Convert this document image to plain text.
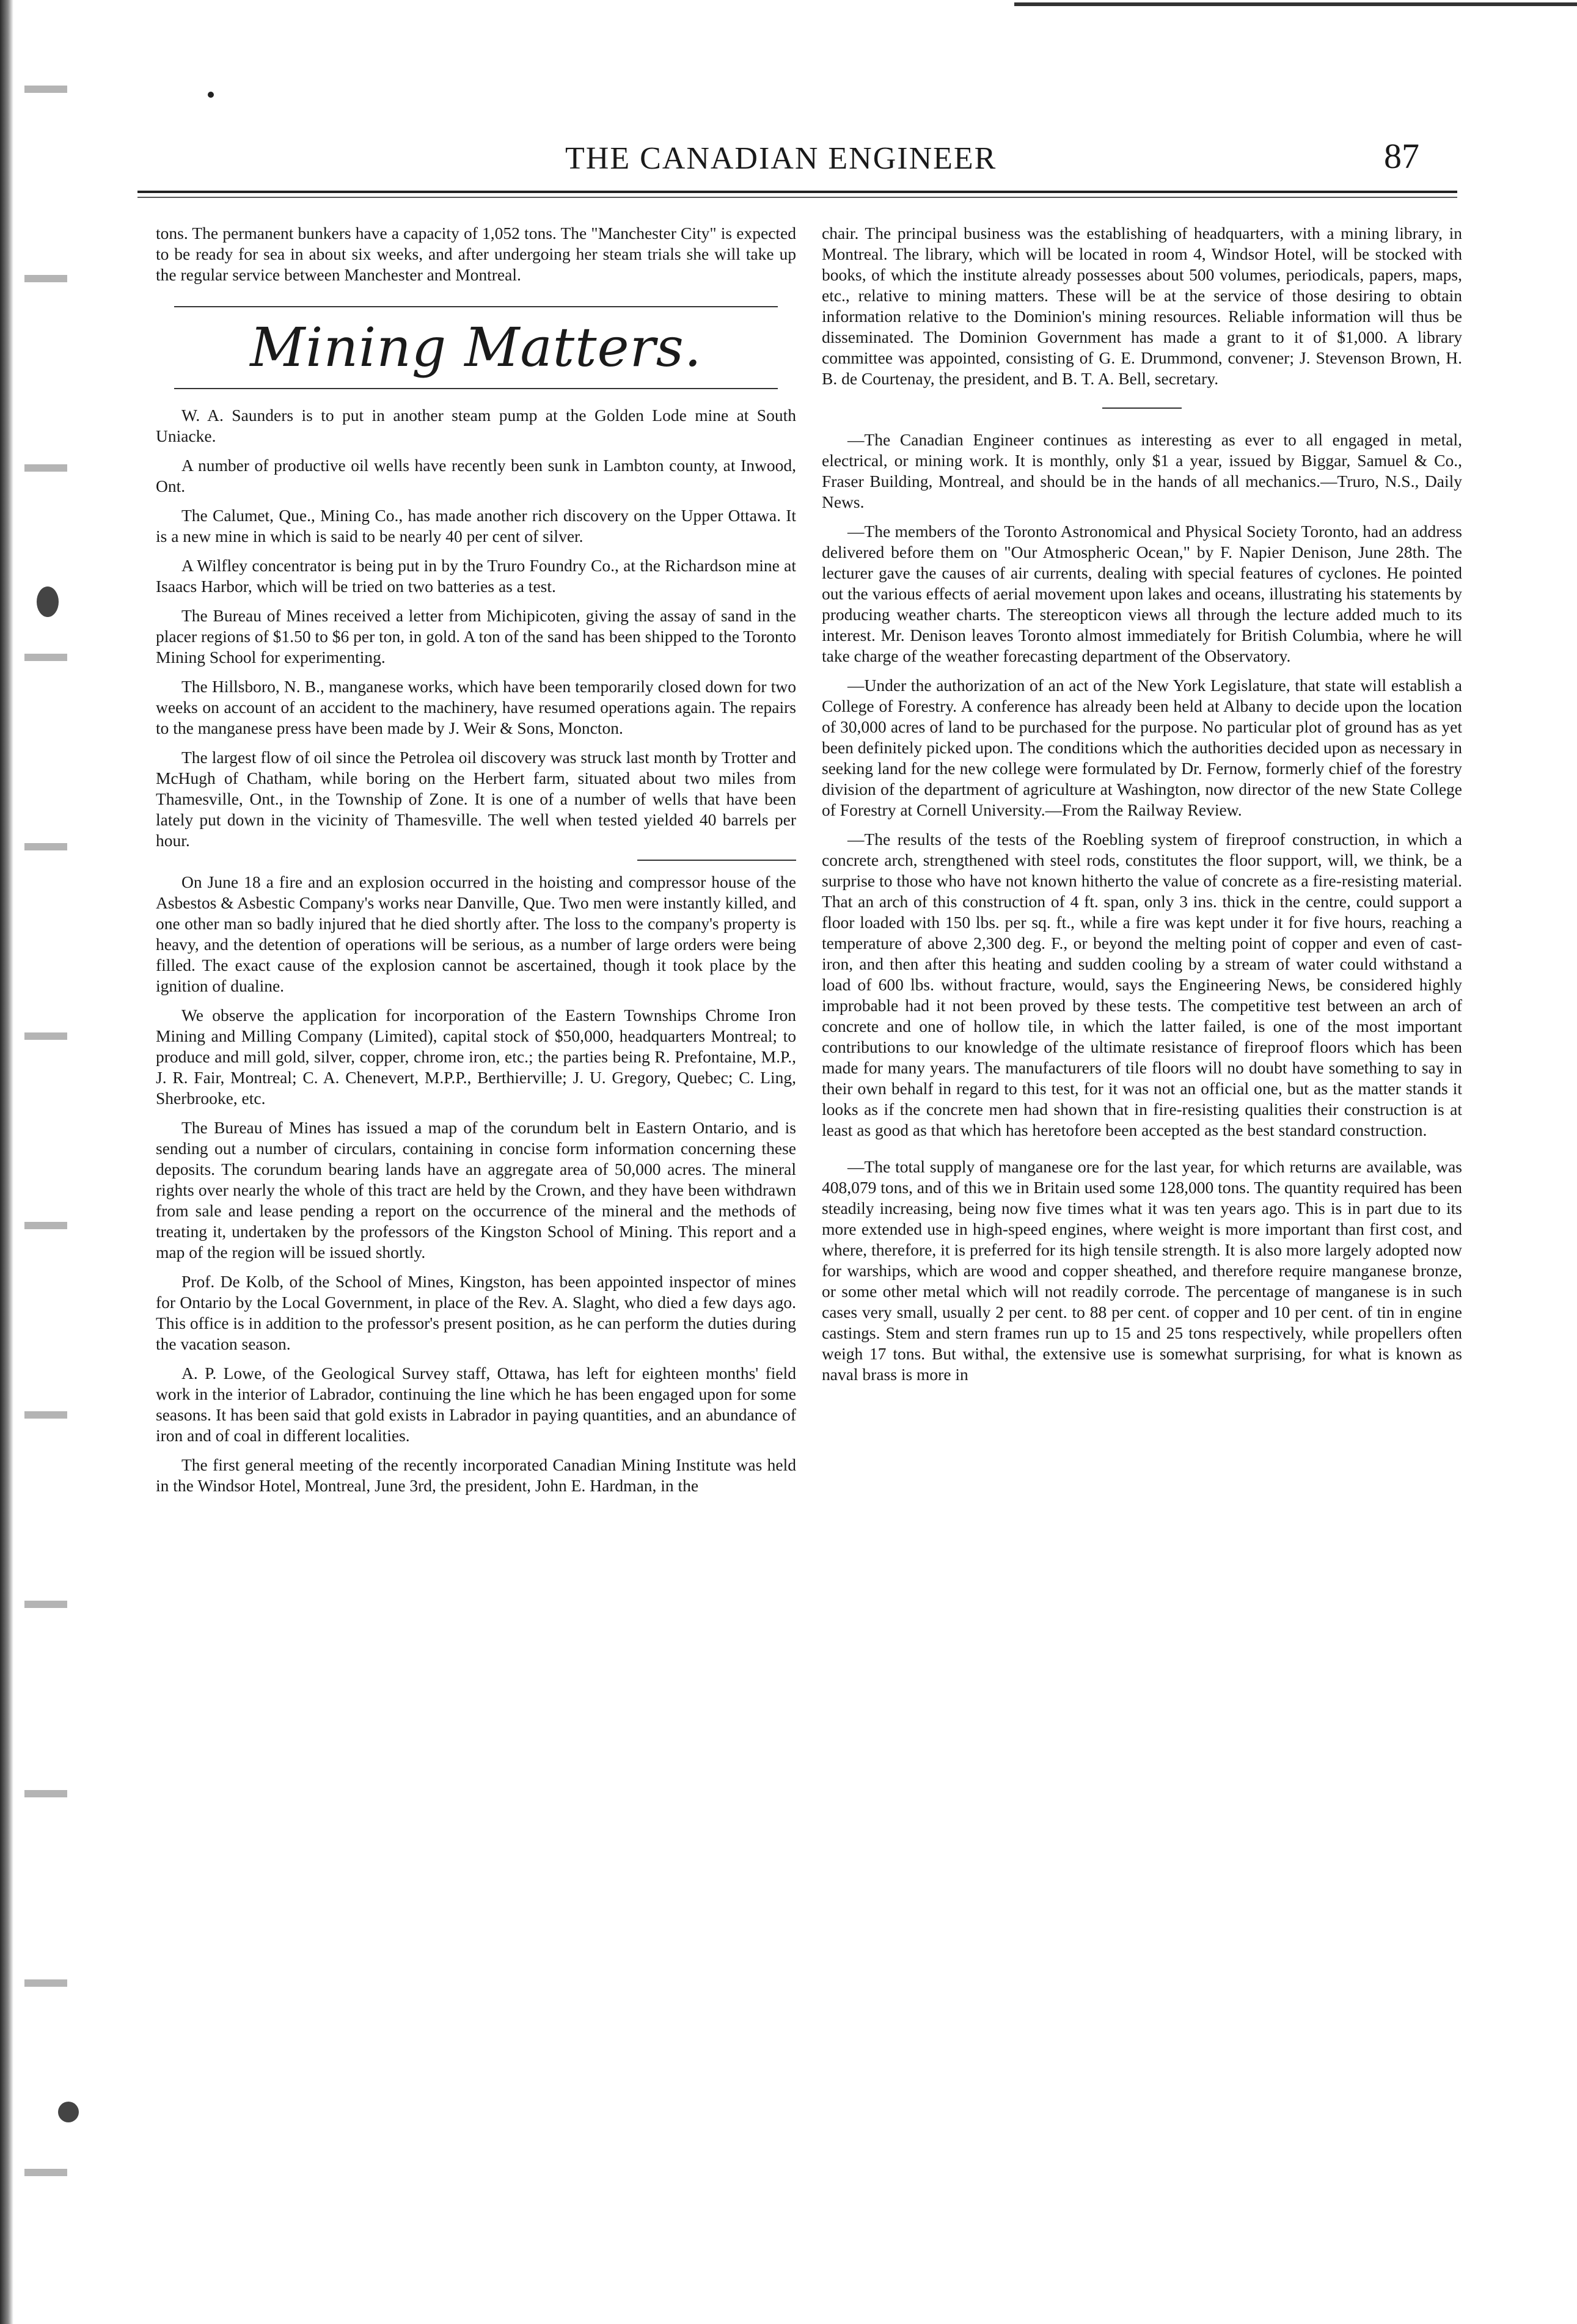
THE CANADIAN ENGINEER	87

tons. The permanent bunkers have a capacity of 1,052 tons. The "Manchester City" is expected to be ready for sea in about six weeks, and after undergoing her steam trials she will take up the regular service between Manchester and Montreal.

Mining Matters.

W. A. Saunders is to put in another steam pump at the Golden Lode mine at South Uniacke.

A number of productive oil wells have recently been sunk in Lambton county, at Inwood, Ont.

The Calumet, Que., Mining Co., has made another rich discovery on the Upper Ottawa. It is a new mine in which is said to be nearly 40 per cent of silver.

A Wilfley concentrator is being put in by the Truro Foundry Co., at the Richardson mine at Isaacs Harbor, which will be tried on two batteries as a test.

The Bureau of Mines received a letter from Michipicoten, giving the assay of sand in the placer regions of $1.50 to $6 per ton, in gold. A ton of the sand has been shipped to the Toronto Mining School for experimenting.

The Hillsboro, N. B., manganese works, which have been temporarily closed down for two weeks on account of an accident to the machinery, have resumed operations again. The repairs to the manganese press have been made by J. Weir & Sons, Moncton.

The largest flow of oil since the Petrolea oil discovery was struck last month by Trotter and McHugh of Chatham, while boring on the Herbert farm, situated about two miles from Thamesville, Ont., in the Township of Zone. It is one of a number of wells that have been lately put down in the vicinity of Thamesville. The well when tested yielded 40 barrels per hour.

On June 18 a fire and an explosion occurred in the hoisting and compressor house of the Asbestos & Asbestic Company's works near Danville, Que. Two men were instantly killed, and one other man so badly injured that he died shortly after. The loss to the company's property is heavy, and the detention of operations will be serious, as a number of large orders were being filled. The exact cause of the explosion cannot be ascertained, though it took place by the ignition of dualine.

We observe the application for incorporation of the Eastern Townships Chrome Iron Mining and Milling Company (Limited), capital stock of $50,000, headquarters Montreal; to produce and mill gold, silver, copper, chrome iron, etc.; the parties being R. Prefontaine, M.P., J. R. Fair, Montreal; C. A. Chenevert, M.P.P., Berthierville; J. U. Gregory, Quebec; C. Ling, Sherbrooke, etc.

The Bureau of Mines has issued a map of the corundum belt in Eastern Ontario, and is sending out a number of circulars, containing in concise form information concerning these deposits. The corundum bearing lands have an aggregate area of 50,000 acres. The mineral rights over nearly the whole of this tract are held by the Crown, and they have been withdrawn from sale and lease pending a report on the occurrence of the mineral and the methods of treating it, undertaken by the professors of the Kingston School of Mining. This report and a map of the region will be issued shortly.

Prof. De Kolb, of the School of Mines, Kingston, has been appointed inspector of mines for Ontario by the Local Government, in place of the Rev. A. Slaght, who died a few days ago. This office is in addition to the professor's present position, as he can perform the duties during the vacation season.

A. P. Lowe, of the Geological Survey staff, Ottawa, has left for eighteen months' field work in the interior of Labrador, continuing the line which he has been engaged upon for some seasons. It has been said that gold exists in Labrador in paying quantities, and an abundance of iron and of coal in different localities.

The first general meeting of the recently incorporated Canadian Mining Institute was held in the Windsor Hotel, Montreal, June 3rd, the president, John E. Hardman, in the

chair. The principal business was the establishing of headquarters, with a mining library, in Montreal. The library, which will be located in room 4, Windsor Hotel, will be stocked with books, of which the institute already possesses about 500 volumes, periodicals, papers, maps, etc., relative to mining matters. These will be at the service of those desiring to obtain information relative to the Dominion's mining resources. Reliable information will thus be disseminated. The Dominion Government has made a grant to it of $1,000. A library committee was appointed, consisting of G. E. Drummond, convener; J. Stevenson Brown, H. B. de Courtenay, the president, and B. T. A. Bell, secretary.

—The Canadian Engineer continues as interesting as ever to all engaged in metal, electrical, or mining work. It is monthly, only $1 a year, issued by Biggar, Samuel & Co., Fraser Building, Montreal, and should be in the hands of all mechanics.—Truro, N.S., Daily News.

—The members of the Toronto Astronomical and Physical Society Toronto, had an address delivered before them on "Our Atmospheric Ocean," by F. Napier Denison, June 28th. The lecturer gave the causes of air currents, dealing with special features of cyclones. He pointed out the various effects of aerial movement upon lakes and oceans, illustrating his statements by producing weather charts. The stereopticon views all through the lecture added much to its interest. Mr. Denison leaves Toronto almost immediately for British Columbia, where he will take charge of the weather forecasting department of the Observatory.

—Under the authorization of an act of the New York Legislature, that state will establish a College of Forestry. A conference has already been held at Albany to decide upon the location of 30,000 acres of land to be purchased for the purpose. No particular plot of ground has as yet been definitely picked upon. The conditions which the authorities decided upon as necessary in seeking land for the new college were formulated by Dr. Fernow, formerly chief of the forestry division of the department of agriculture at Washington, now director of the new State College of Forestry at Cornell University.—From the Railway Review.

—The results of the tests of the Roebling system of fireproof construction, in which a concrete arch, strengthened with steel rods, constitutes the floor support, will, we think, be a surprise to those who have not known hitherto the value of concrete as a fire-resisting material. That an arch of this construction of 4 ft. span, only 3 ins. thick in the centre, could support a floor loaded with 150 lbs. per sq. ft., while a fire was kept under it for five hours, reaching a temperature of above 2,300 deg. F., or beyond the melting point of copper and even of cast-iron, and then after this heating and sudden cooling by a stream of water could withstand a load of 600 lbs. without fracture, would, says the Engineering News, be considered highly improbable had it not been proved by these tests. The competitive test between an arch of concrete and one of hollow tile, in which the latter failed, is one of the most important contributions to our knowledge of the ultimate resistance of fireproof floors which has been made for many years. The manufacturers of tile floors will no doubt have something to say in their own behalf in regard to this test, for it was not an official one, but as the matter stands it looks as if the concrete men had shown that in fire-resisting qualities their construction is at least as good as that which has heretofore been accepted as the best standard construction.

—The total supply of manganese ore for the last year, for which returns are available, was 408,079 tons, and of this we in Britain used some 128,000 tons. The quantity required has been steadily increasing, being now five times what it was ten years ago. This is in part due to its more extended use in high-speed engines, where weight is more important than first cost, and where, therefore, it is preferred for its high tensile strength. It is also more largely adopted now for warships, which are wood and copper sheathed, and therefore require manganese bronze, or some other metal which will not readily corrode. The percentage of manganese is in such cases very small, usually 2 per cent. to 88 per cent. of copper and 10 per cent. of tin in engine castings. Stem and stern frames run up to 15 and 25 tons respectively, while propellers often weigh 17 tons. But withal, the extensive use is somewhat surprising, for what is known as naval brass is more in
